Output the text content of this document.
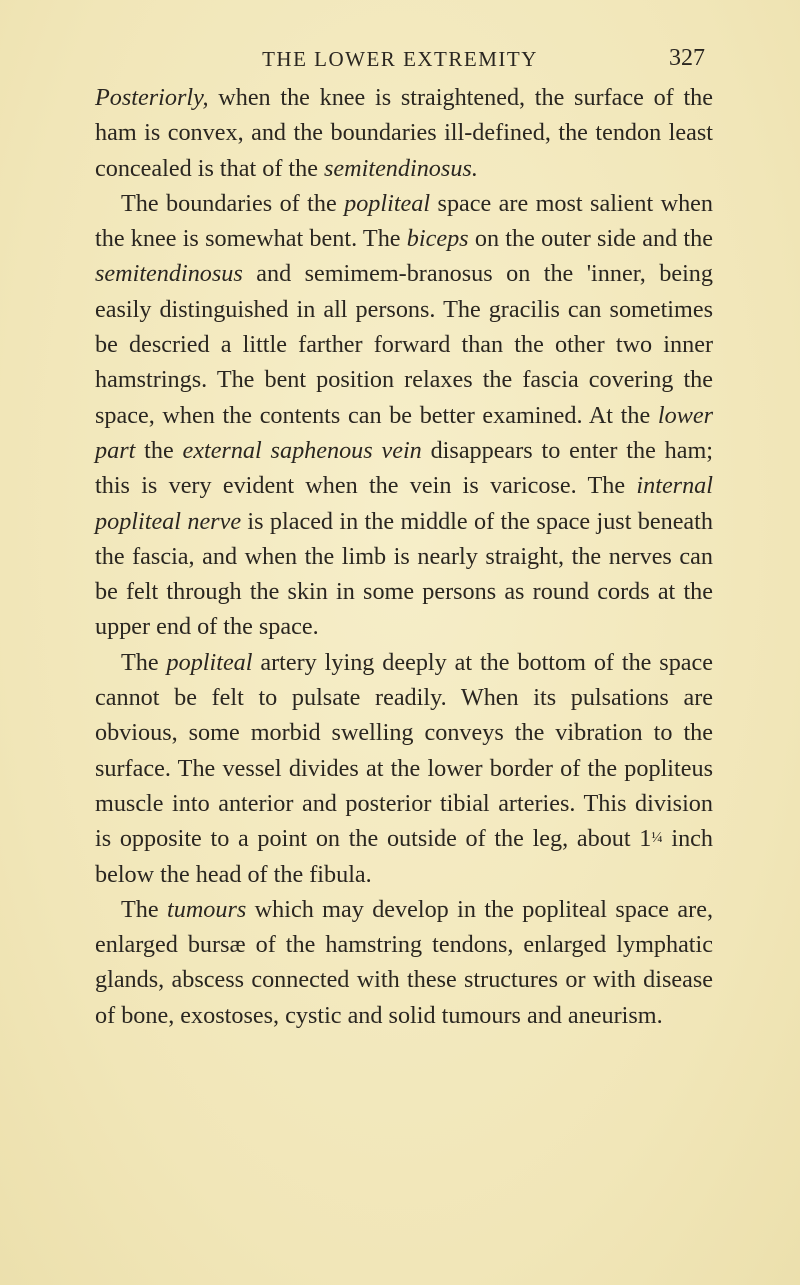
THE LOWER EXTREMITY	327

Posteriorly, when the knee is straightened, the surface of the ham is convex, and the boundaries ill-defined, the tendon least concealed is that of the semitendinosus.

The boundaries of the popliteal space are most salient when the knee is somewhat bent. The biceps on the outer side and the semitendinosus and semimem-branosus on the 'inner, being easily distinguished in all persons. The gracilis can sometimes be descried a little farther forward than the other two inner hamstrings. The bent position relaxes the fascia covering the space, when the contents can be better examined. At the lower part the external saphenous vein disappears to enter the ham; this is very evident when the vein is varicose. The internal popliteal nerve is placed in the middle of the space just beneath the fascia, and when the limb is nearly straight, the nerves can be felt through the skin in some persons as round cords at the upper end of the space.

The popliteal artery lying deeply at the bottom of the space cannot be felt to pulsate readily. When its pulsations are obvious, some morbid swelling conveys the vibration to the surface. The vessel divides at the lower border of the popliteus muscle into anterior and posterior tibial arteries. This division is opposite to a point on the outside of the leg, about 1¼ inch below the head of the fibula.

The tumours which may develop in the popliteal space are, enlarged bursæ of the hamstring tendons, enlarged lymphatic glands, abscess connected with these structures or with disease of bone, exostoses, cystic and solid tumours and aneurism.
